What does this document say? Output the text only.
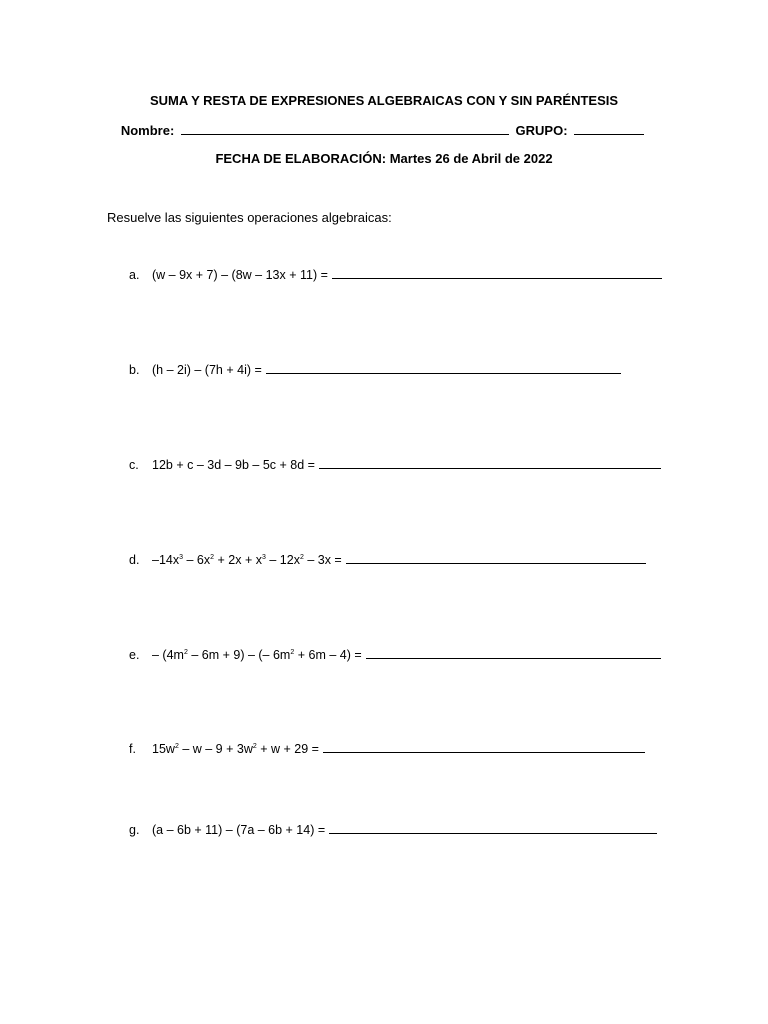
SUMA Y RESTA DE EXPRESIONES ALGEBRAICAS CON Y SIN PARÉNTESIS
Nombre:	GRUPO:
FECHA DE ELABORACIÓN: Martes 26 de Abril de 2022
Resuelve las siguientes operaciones algebraicas:
a.	(w – 9x + 7) – (8w – 13x + 11) =
b.	(h – 2i) – (7h + 4i) =
c.	12b + c – 3d – 9b – 5c + 8d =
d.	$-14x^3 - 6x^2 + 2x + x^3 - 12x^2 - 3x$ =
e.	– $(4m^2 - 6m + 9)$ – (– $6m^2 + 6m - 4$) =
f.	$15w^2 - w - 9 + 3w^2 + w + 29$ =
g.	(a – 6b + 11) – (7a – 6b + 14) =
